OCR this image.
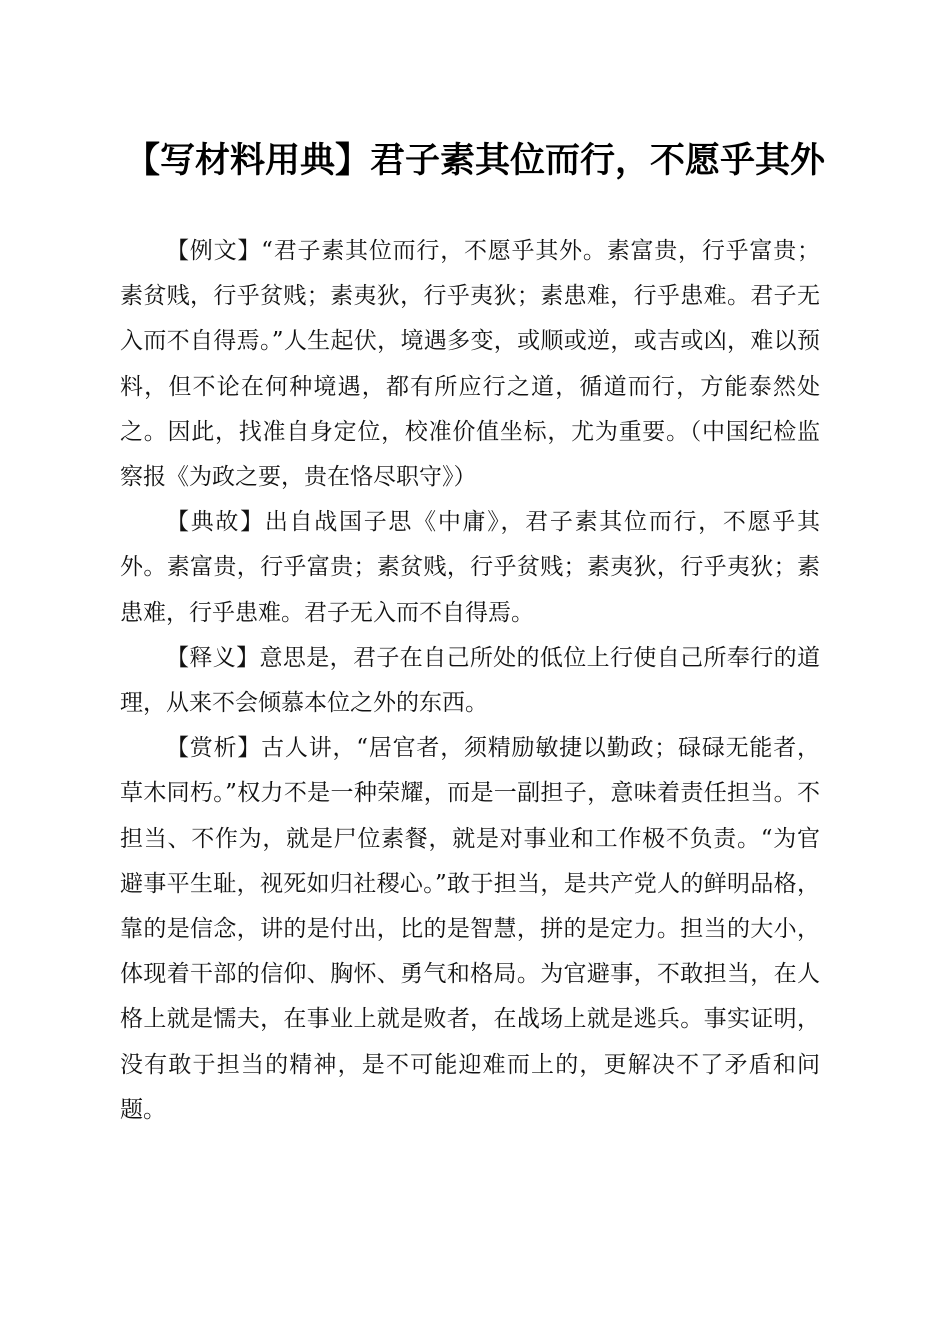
【写材料用典】君子素其位而行，不愿乎其外

【例文】“君子素其位而行，不愿乎其外。素富贵，行乎富贵；素贫贱，行乎贫贱；素夷狄，行乎夷狄；素患难，行乎患难。君子无入而不自得焉。”人生起伏，境遇多变，或顺或逆，或吉或凶，难以预料，但不论在何种境遇，都有所应行之道，循道而行，方能泰然处之。因此，找准自身定位，校准价值坐标，尤为重要。（中国纪检监察报《为政之要，贵在恪尽职守》）

【典故】出自战国子思《中庸》，君子素其位而行，不愿乎其外。素富贵，行乎富贵；素贫贱，行乎贫贱；素夷狄，行乎夷狄；素患难，行乎患难。君子无入而不自得焉。

【释义】意思是，君子在自己所处的低位上行使自己所奉行的道理，从来不会倾慕本位之外的东西。

【赏析】古人讲，“居官者，须精励敏捷以勤政；碌碌无能者，草木同朽。”权力不是一种荣耀，而是一副担子，意味着责任担当。不担当、不作为，就是尸位素餐，就是对事业和工作极不负责。“为官避事平生耻，视死如归社稷心。”敢于担当，是共产党人的鲜明品格，靠的是信念，讲的是付出，比的是智慧，拼的是定力。担当的大小，体现着干部的信仰、胸怀、勇气和格局。为官避事，不敢担当，在人格上就是懦夫，在事业上就是败者，在战场上就是逃兵。事实证明，没有敢于担当的精神，是不可能迎难而上的，更解决不了矛盾和问题。
